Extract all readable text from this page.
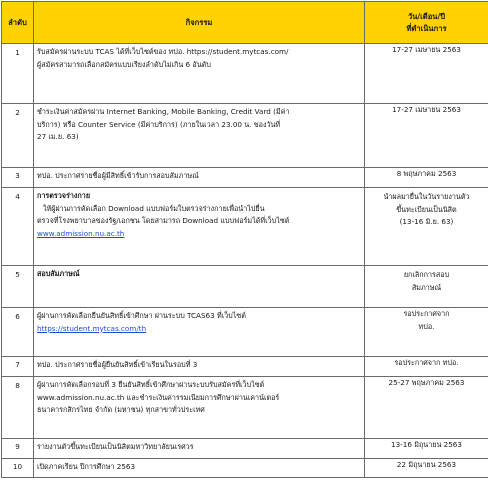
ลำดับ	กิจกรรม	วัน/เดือน/ปี
ที่ดำเนินการ

1	รับสมัครผ่านระบบ TCAS ได้ที่เว็บไซต์ของ ทปอ. https://student.mytcas.com/
ผู้สมัครสามารถเลือกสมัครแบบเรียงลำดับไม่เกิน 6 อันดับ	17-27 เมษายน 2563

2	ชำระเงินค่าสมัครผ่าน Internet Banking, Mobile Banking, Credit Vard (มีค่า
บริการ) หรือ Counter Service (มีค่าบริการ) (ภายในเวลา 23.00 น. ของวันที่
27 เม.ย. 63)	17-27 เมษายน 2563

3	ทปอ. ประกาศรายชื่อผู้มีสิทธิ์เข้ารับการสอบสัมภาษณ์	8 พฤษภาคม 2563

4	การตรวจร่างกาย
ให้ผู้ผ่านการคัดเลือก Download แบบฟอร์มใบตรวจร่างกายเพื่อนำไปยื่น
ตรวจที่โรงพยาบาลของรัฐ/เอกชน โดยสามารถ Download แบบฟอร์มได้ที่เว็บไซต์
www.admission.nu.ac.th	นำผลมายื่นในวันรายงานตัว
ขึ้นทะเบียนเป็นนิสิต
(13-16 มิ.ย. 63)

5	สอบสัมภาษณ์	ยกเลิกการสอบ
สัมภาษณ์

6	ผู้ผ่านการคัดเลือกยืนยันสิทธิ์เข้าศึกษา ผ่านระบบ TCAS63 ที่เว็บไซต์
https://student.mytcas.com/th	รอประกาศจาก
ทปอ.

7	ทปอ. ประกาศรายชื่อผู้ยืนยันสิทธิ์เข้าเรียนในรอบที่ 3	รอประกาศจาก ทปอ.

8	ผู้ผ่านการคัดเลือกรอบที่ 3 ยืนยันสิทธิ์เข้าศึกษาผ่านระบบรับสมัครที่เว็บไซต์
www.admission.nu.ac.th และชำระเงินค่ารรมเนียมการศึกษาผ่านเคาน์เตอร์
ธนาคารกสิกรไทย จำกัด (มหาชน) ทุกสาขาทั่วประเทศ	25-27 พฤษภาคม 2563

9	รายงานตัวขึ้นทะเบียนเป็นนิสิตมหาวิทยาลัยนเรศวร	13-16 มิถุนายน 2563

10	เปิดภาคเรียน ปีการศึกษา 2563	22 มิถุนายน 2563
